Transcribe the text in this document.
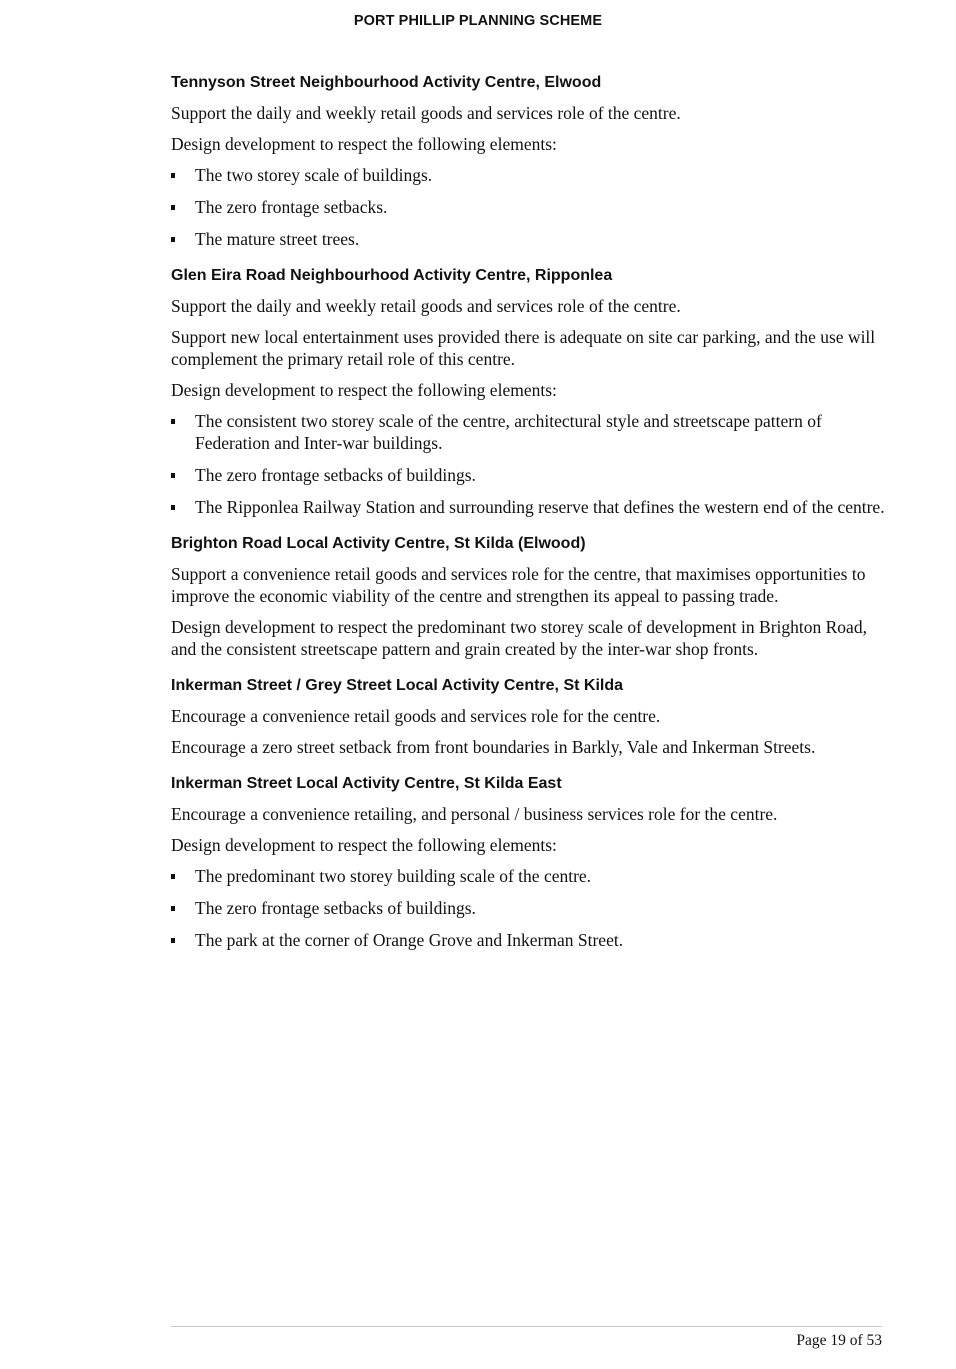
PORT PHILLIP PLANNING SCHEME
Tennyson Street Neighbourhood Activity Centre, Elwood

Support the daily and weekly retail goods and services role of the centre.

Design development to respect the following elements:

The two storey scale of buildings.
The zero frontage setbacks.
The mature street trees.
Glen Eira Road Neighbourhood Activity Centre, Ripponlea

Support the daily and weekly retail goods and services role of the centre.

Support new local entertainment uses provided there is adequate on site car parking, and the use will complement the primary retail role of this centre.

Design development to respect the following elements:

The consistent two storey scale of the centre, architectural style and streetscape pattern of Federation and Inter-war buildings.
The zero frontage setbacks of buildings.
The Ripponlea Railway Station and surrounding reserve that defines the western end of the centre.
Brighton Road Local Activity Centre, St Kilda (Elwood)

Support a convenience retail goods and services role for the centre, that maximises opportunities to improve the economic viability of the centre and strengthen its appeal to passing trade.

Design development to respect the predominant two storey scale of development in Brighton Road, and the consistent streetscape pattern and grain created by the inter-war shop fronts.

Inkerman Street / Grey Street Local Activity Centre, St Kilda

Encourage a convenience retail goods and services role for the centre.

Encourage a zero street setback from front boundaries in Barkly, Vale and Inkerman Streets.

Inkerman Street Local Activity Centre, St Kilda East

Encourage a convenience retailing, and personal / business services role for the centre.

Design development to respect the following elements:

The predominant two storey building scale of the centre.
The zero frontage setbacks of buildings.
The park at the corner of Orange Grove and Inkerman Street.
Page 19 of 53
